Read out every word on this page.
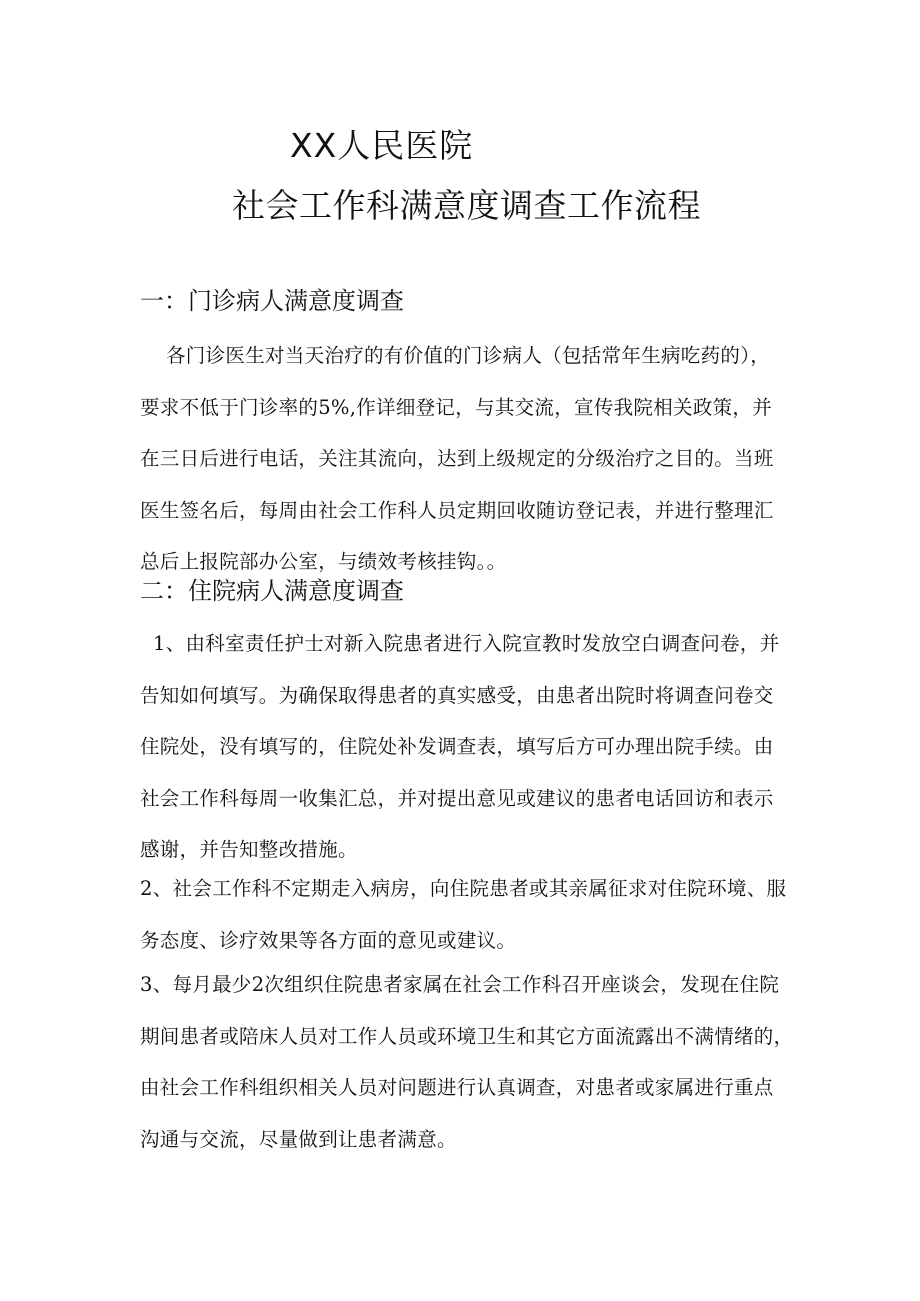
XX人民医院
社会工作科满意度调查工作流程
一：门诊病人满意度调查
各门诊医生对当天治疗的有价值的门诊病人（包括常年生病吃药的），
要求不低于门诊率的5%,作详细登记，与其交流，宣传我院相关政策，并
在三日后进行电话，关注其流向，达到上级规定的分级治疗之目的。当班
医生签名后，每周由社会工作科人员定期回收随访登记表，并进行整理汇
总后上报院部办公室，与绩效考核挂钩。。
二：住院病人满意度调查
1、由科室责任护士对新入院患者进行入院宣教时发放空白调查问卷，并
告知如何填写。为确保取得患者的真实感受，由患者出院时将调查问卷交
住院处，没有填写的，住院处补发调查表，填写后方可办理出院手续。由
社会工作科每周一收集汇总，并对提出意见或建议的患者电话回访和表示
感谢，并告知整改措施。
2、社会工作科不定期走入病房，向住院患者或其亲属征求对住院环境、服
务态度、诊疗效果等各方面的意见或建议。
3、每月最少2次组织住院患者家属在社会工作科召开座谈会，发现在住院
期间患者或陪床人员对工作人员或环境卫生和其它方面流露出不满情绪的，
由社会工作科组织相关人员对问题进行认真调查，对患者或家属进行重点
沟通与交流，尽量做到让患者满意。
